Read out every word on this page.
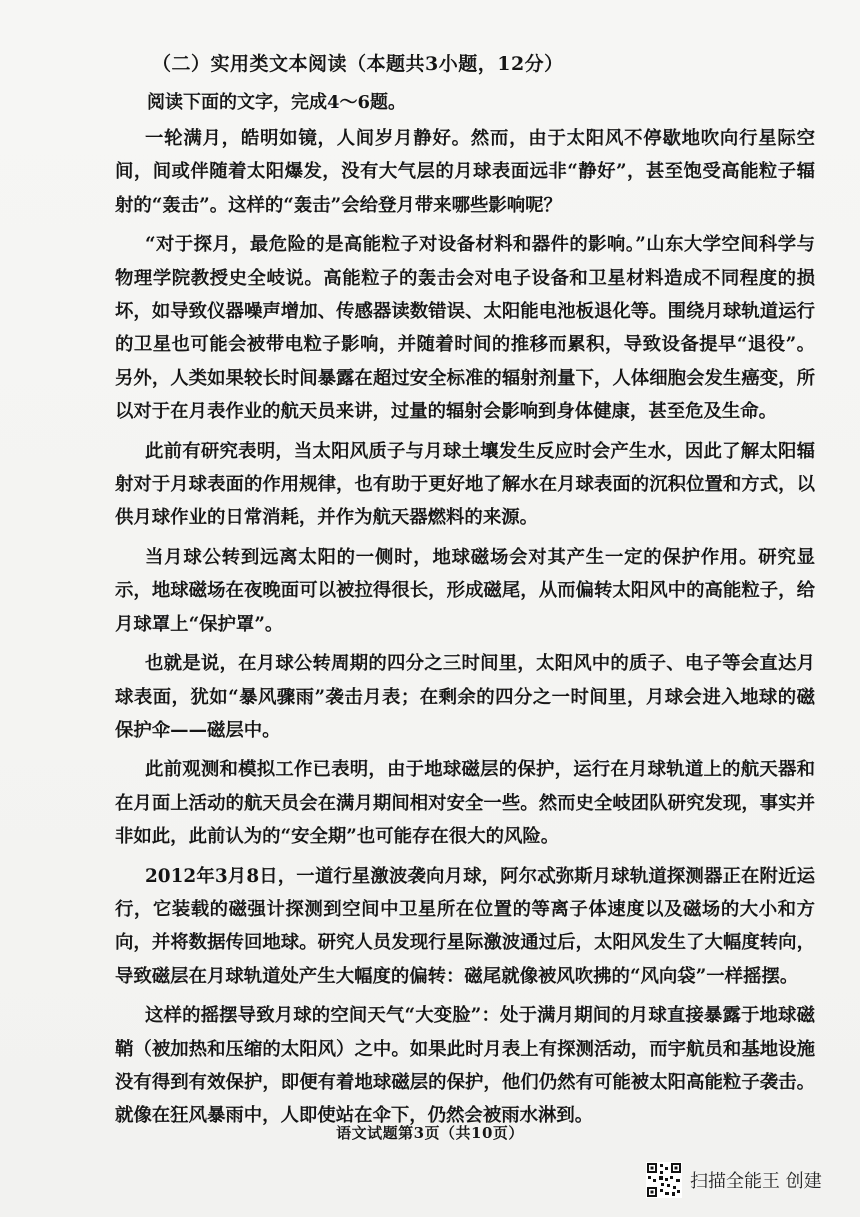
（二）实用类文本阅读（本题共3小题，12分）
阅读下面的文字，完成4～6题。

一轮满月，皓明如镜，人间岁月静好。然而，由于太阳风不停歇地吹向行星际空间，间或伴随着太阳爆发，没有大气层的月球表面远非“静好”，甚至饱受高能粒子辐射的“轰击”。这样的“轰击”会给登月带来哪些影响呢？

“对于探月，最危险的是高能粒子对设备材料和器件的影响。”山东大学空间科学与物理学院教授史全岐说。高能粒子的轰击会对电子设备和卫星材料造成不同程度的损坏，如导致仪器噪声增加、传感器读数错误、太阳能电池板退化等。围绕月球轨道运行的卫星也可能会被带电粒子影响，并随着时间的推移而累积，导致设备提早“退役”。另外，人类如果较长时间暴露在超过安全标准的辐射剂量下，人体细胞会发生癌变，所以对于在月表作业的航天员来讲，过量的辐射会影响到身体健康，甚至危及生命。

此前有研究表明，当太阳风质子与月球土壤发生反应时会产生水，因此了解太阳辐射对于月球表面的作用规律，也有助于更好地了解水在月球表面的沉积位置和方式，以供月球作业的日常消耗，并作为航天器燃料的来源。

当月球公转到远离太阳的一侧时，地球磁场会对其产生一定的保护作用。研究显示，地球磁场在夜晚面可以被拉得很长，形成磁尾，从而偏转太阳风中的高能粒子，给月球罩上“保护罩”。

也就是说，在月球公转周期的四分之三时间里，太阳风中的质子、电子等会直达月球表面，犹如“暴风骤雨”袭击月表；在剩余的四分之一时间里，月球会进入地球的磁保护伞——磁层中。

此前观测和模拟工作已表明，由于地球磁层的保护，运行在月球轨道上的航天器和在月面上活动的航天员会在满月期间相对安全一些。然而史全岐团队研究发现，事实并非如此，此前认为的“安全期”也可能存在很大的风险。

2012年3月8日，一道行星激波袭向月球，阿尔忒弥斯月球轨道探测器正在附近运行，它装载的磁强计探测到空间中卫星所在位置的等离子体速度以及磁场的大小和方向，并将数据传回地球。研究人员发现行星际激波通过后，太阳风发生了大幅度转向，导致磁层在月球轨道处产生大幅度的偏转：磁尾就像被风吹拂的“风向袋”一样摇摆。

这样的摇摆导致月球的空间天气“大变脸”：处于满月期间的月球直接暴露于地球磁鞘（被加热和压缩的太阳风）之中。如果此时月表上有探测活动，而宇航员和基地设施没有得到有效保护，即便有着地球磁层的保护，他们仍然有可能被太阳高能粒子袭击。就像在狂风暴雨中，人即使站在伞下，仍然会被雨水淋到。

语文试题第3页（共10页）
扫描全能王 创建
